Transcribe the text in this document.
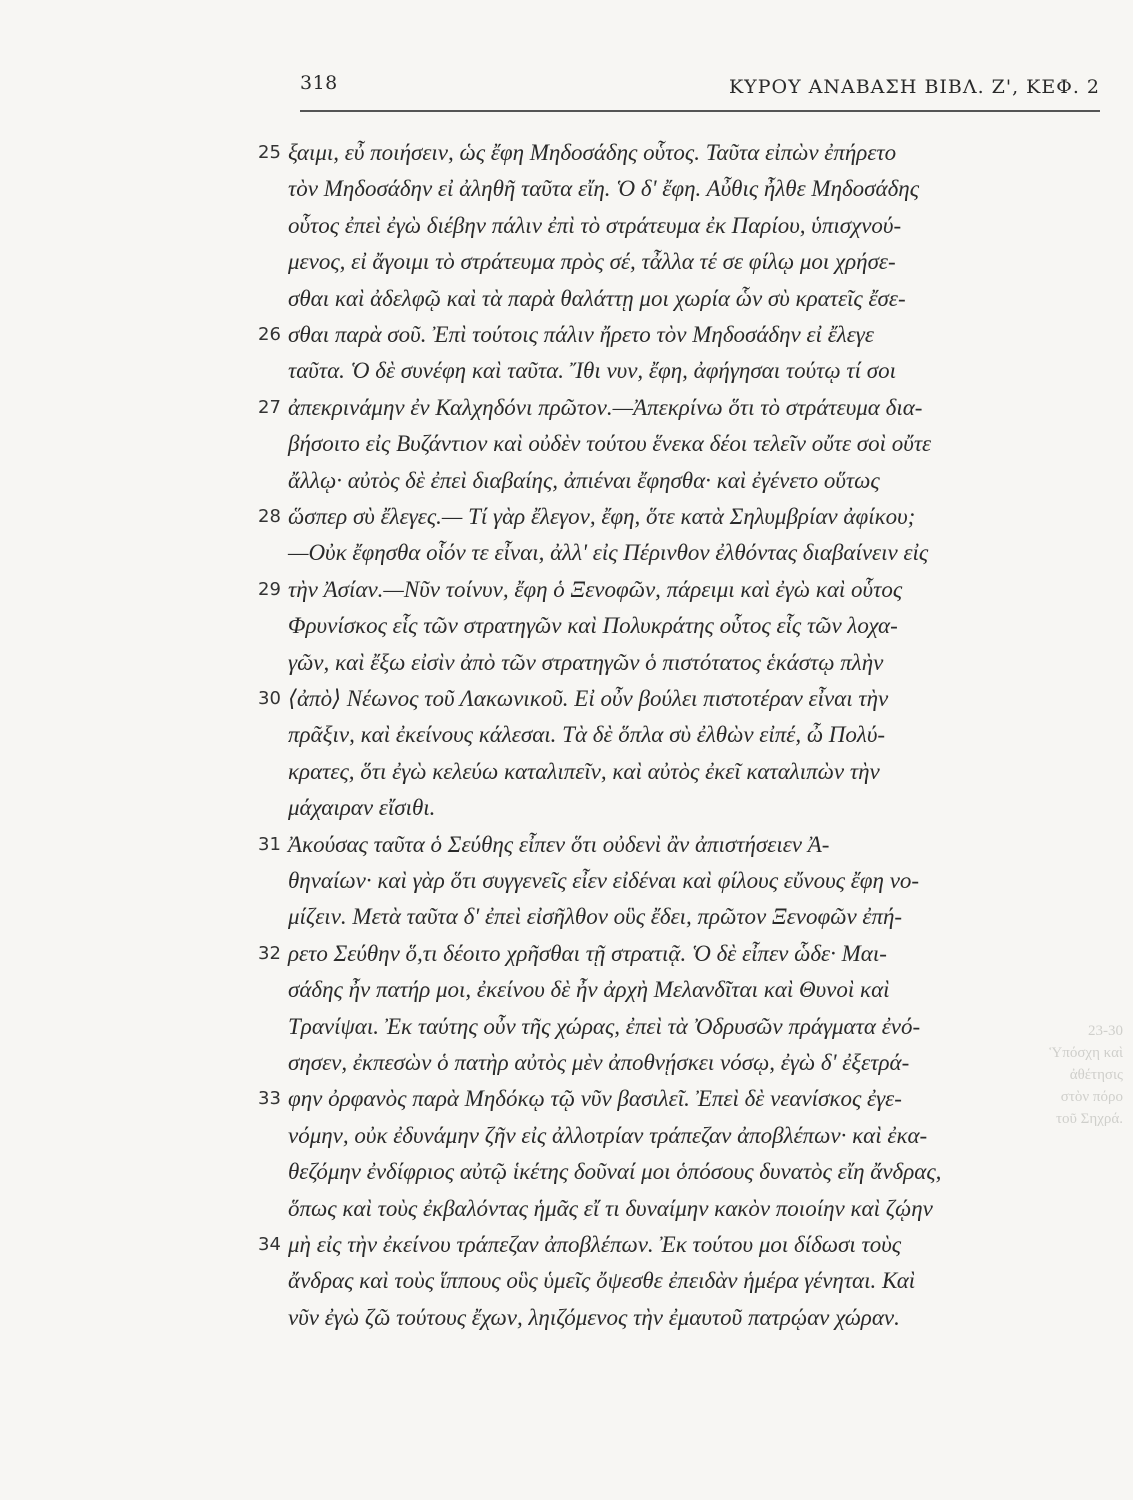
318	ΚΥΡΟΥ ΑΝΑΒΑΣΗ ΒΙΒΛ. Ζ', ΚΕΦ. 2
25 ξαιμι, εὖ ποιήσειν, ὡς ἔφη Μηδοσάδης οὗτος. Ταῦτα εἰπὼν ἐπήρετο
τὸν Μηδοσάδην εἰ ἀληθῆ ταῦτα εἴη. Ὁ δ' ἔφη. Αὖθις ἦλθε Μηδοσάδης
οὗτος ἐπεὶ ἐγὼ διέβην πάλιν ἐπὶ τὸ στράτευμα ἐκ Παρίου, ὑπισχνού-
μενος, εἰ ἄγοιμι τὸ στράτευμα πρὸς σέ, τἆλλα τέ σε φίλῳ μοι χρήσε-
σθαι καὶ ἀδελφῷ καὶ τὰ παρὰ θαλάττῃ μοι χωρία ὧν σὺ κρατεῖς ἔσε-
26 σθαι παρὰ σοῦ. Ἐπὶ τούτοις πάλιν ἤρετο τὸν Μηδοσάδην εἰ ἔλεγε
ταῦτα. Ὁ δὲ συνέφη καὶ ταῦτα. Ἴθι νυν, ἔφη, ἀφήγησαι τούτῳ τί σοι
27 ἀπεκρινάμην ἐν Καλχηδόνι πρῶτον.—Ἀπεκρίνω ὅτι τὸ στράτευμα δια-
βήσοιτο εἰς Βυζάντιον καὶ οὐδὲν τούτου ἕνεκα δέοι τελεῖν οὔτε σοὶ οὔτε
ἄλλῳ· αὐτὸς δὲ ἐπεὶ διαβαίης, ἀπιέναι ἔφησθα· καὶ ἐγένετο οὕτως
28 ὥσπερ σὺ ἔλεγες.— Τί γὰρ ἔλεγον, ἔφη, ὅτε κατὰ Σηλυμβρίαν ἀφίκου;
—Οὐκ ἔφησθα οἷόν τε εἶναι, ἀλλ' εἰς Πέρινθον ἐλθόντας διαβαίνειν εἰς
29 τὴν Ἀσίαν.—Νῦν τοίνυν, ἔφη ὁ Ξενοφῶν, πάρειμι καὶ ἐγὼ καὶ οὗτος
Φρυνίσκος εἷς τῶν στρατηγῶν καὶ Πολυκράτης οὗτος εἷς τῶν λοχα-
γῶν, καὶ ἔξω εἰσὶν ἀπὸ τῶν στρατηγῶν ὁ πιστότατος ἑκάστῳ πλὴν
30 ⟨ἀπὸ⟩ Νέωνος τοῦ Λακωνικοῦ. Εἰ οὖν βούλει πιστοτέραν εἶναι τὴν
πρᾶξιν, καὶ ἐκείνους κάλεσαι. Τὰ δὲ ὅπλα σὺ ἐλθὼν εἰπέ, ὦ Πολύ-
κρατες, ὅτι ἐγὼ κελεύω καταλιπεῖν, καὶ αὐτὸς ἐκεῖ καταλιπὼν τὴν
μάχαιραν εἴσιθι.
31 Ἀκούσας ταῦτα ὁ Σεύθης εἶπεν ὅτι οὐδενὶ ἂν ἀπιστήσειεν Ἀ-
θηναίων· καὶ γὰρ ὅτι συγγενεῖς εἶεν εἰδέναι καὶ φίλους εὔνους ἔφη νο-
μίζειν. Μετὰ ταῦτα δ' ἐπεὶ εἰσῆλθον οὓς ἔδει, πρῶτον Ξενοφῶν ἐπή-
32 ρετο Σεύθην ὅ,τι δέοιτο χρῆσθαι τῇ στρατιᾷ. Ὁ δὲ εἶπεν ὧδε· Μαι-
σάδης ἦν πατήρ μοι, ἐκείνου δὲ ἦν ἀρχὴ Μελανδῖται καὶ Θυνοὶ καὶ
Τρανίψαι. Ἐκ ταύτης οὖν τῆς χώρας, ἐπεὶ τὰ Ὀδρυσῶν πράγματα ἐνό-
σησεν, ἐκπεσὼν ὁ πατὴρ αὐτὸς μὲν ἀποθνῄσκει νόσῳ, ἐγὼ δ' ἐξετρά-
33 φην ὀρφανὸς παρὰ Μηδόκῳ τῷ νῦν βασιλεῖ. Ἐπεὶ δὲ νεανίσκος ἐγε-
νόμην, οὐκ ἐδυνάμην ζῆν εἰς ἀλλοτρίαν τράπεζαν ἀποβλέπων· καὶ ἐκα-
θεζόμην ἐνδίφριος αὐτῷ ἱκέτης δοῦναί μοι ὁπόσους δυνατὸς εἴη ἄνδρας,
ὅπως καὶ τοὺς ἐκβαλόντας ἡμᾶς εἴ τι δυναίμην κακὸν ποιοίην καὶ ζῴην
34 μὴ εἰς τὴν ἐκείνου τράπεζαν ἀποβλέπων. Ἐκ τούτου μοι δίδωσι τοὺς
ἄνδρας καὶ τοὺς ἵππους οὓς ὑμεῖς ὄψεσθε ἐπειδὰν ἡμέρα γένηται. Καὶ
νῦν ἐγὼ ζῶ τούτους ἔχων, ληιζόμενος τὴν ἐμαυτοῦ πατρῴαν χώραν.
23-30
Ὑπόσχη καὶ
ἀθέτησις
στὸν πόρο
τοῦ Σηχρά.
